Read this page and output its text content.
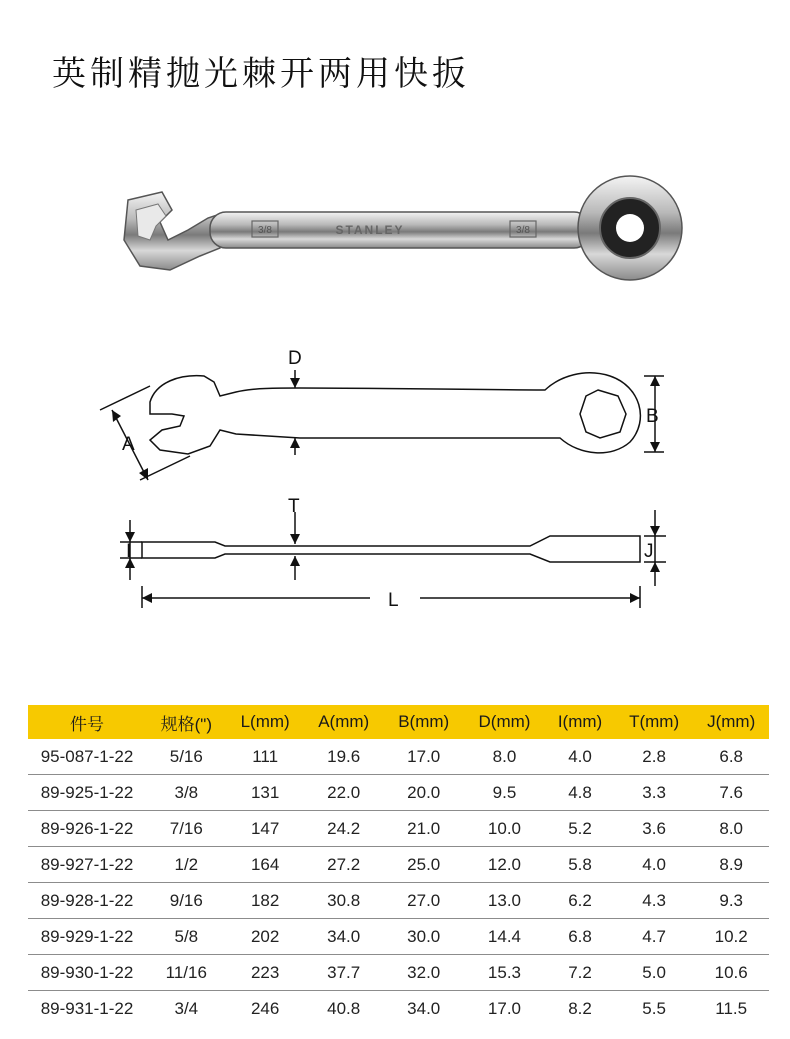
英制精抛光棘开两用快扳
3/8	STANLEY	3/8
D
A
B
T
I	J
L
件号	规格(")	L(mm)	A(mm)	B(mm)	D(mm)	I(mm)	T(mm)	J(mm)
95-087-1-22	5/16	111	19.6	17.0	8.0	4.0	2.8	6.8
89-925-1-22	3/8	131	22.0	20.0	9.5	4.8	3.3	7.6
89-926-1-22	7/16	147	24.2	21.0	10.0	5.2	3.6	8.0
89-927-1-22	1/2	164	27.2	25.0	12.0	5.8	4.0	8.9
89-928-1-22	9/16	182	30.8	27.0	13.0	6.2	4.3	9.3
89-929-1-22	5/8	202	34.0	30.0	14.4	6.8	4.7	10.2
89-930-1-22	11/16	223	37.7	32.0	15.3	7.2	5.0	10.6
89-931-1-22	3/4	246	40.8	34.0	17.0	8.2	5.5	11.5
